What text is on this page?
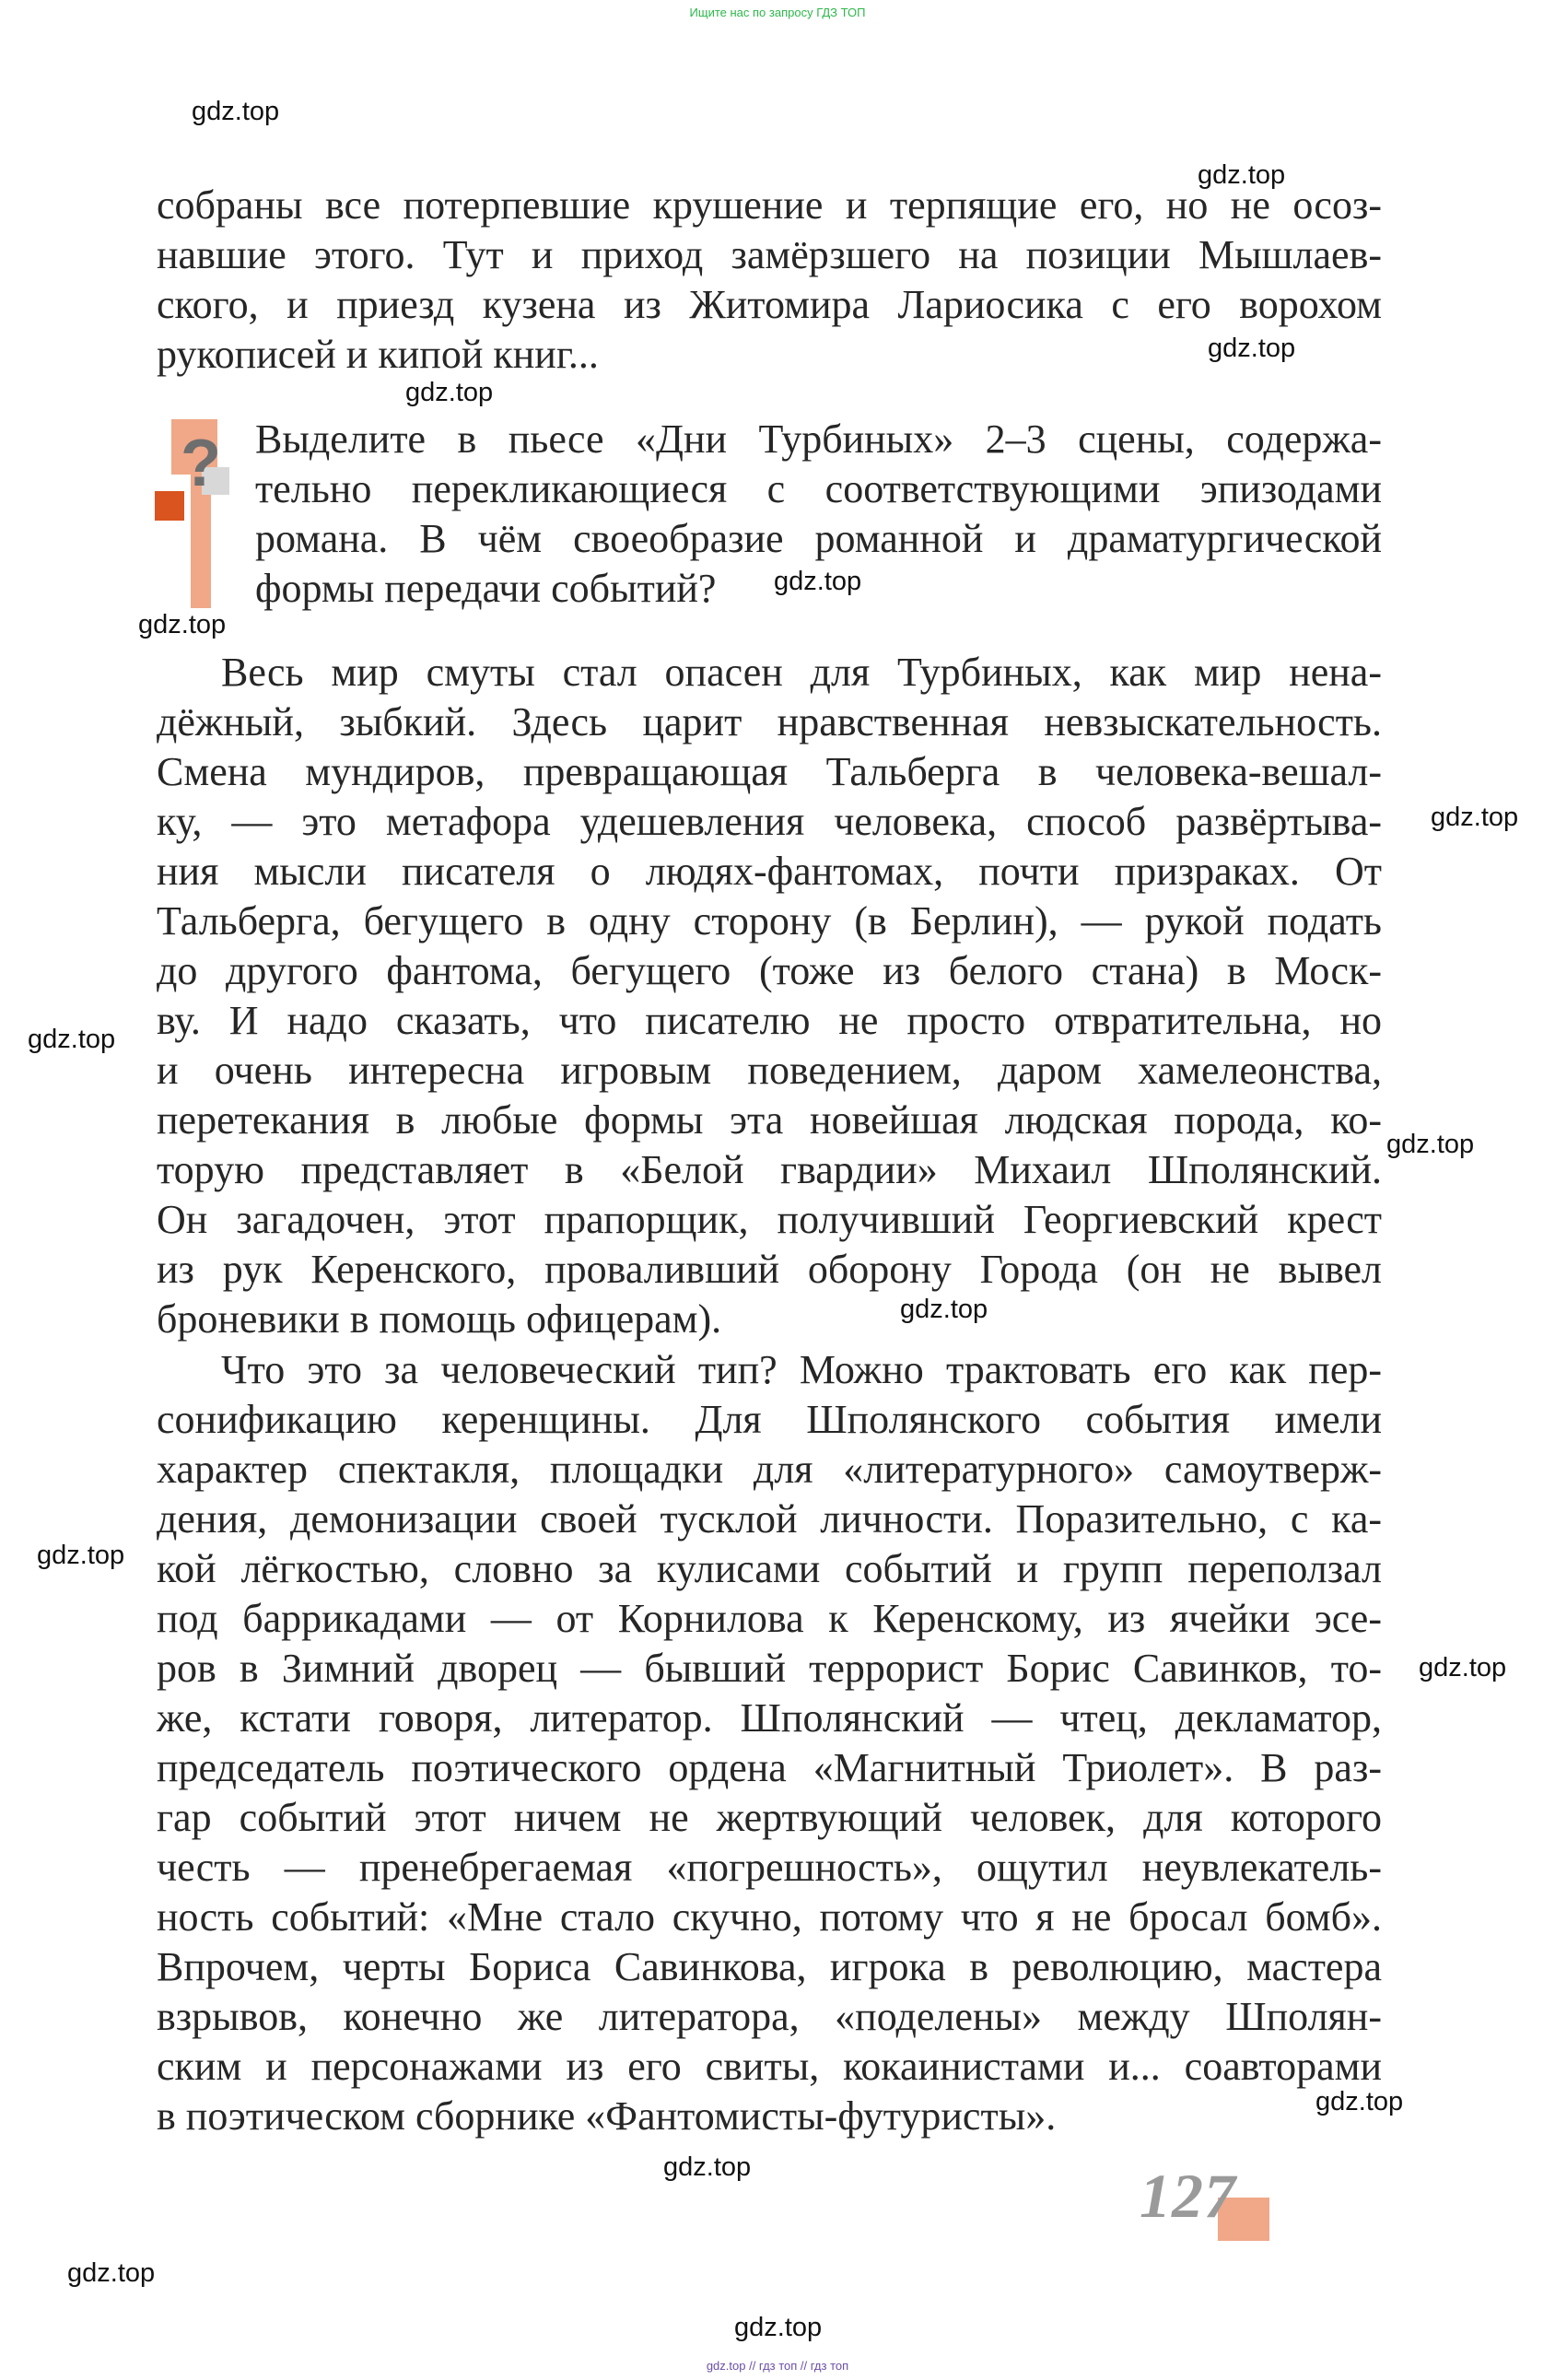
Ищите нас по запросу ГДЗ ТОП
gdz.top
gdz.top
gdz.top
gdz.top
gdz.top
gdz.top
gdz.top
gdz.top
gdz.top
gdz.top
gdz.top
gdz.top
gdz.top
gdz.top
gdz.top
gdz.top
собраны все потерпевшие крушение и терпящие его, но не осоз-
навшие этого. Тут и приход замёрзшего на позиции Мышлаев-
ского, и приезд кузена из Житомира Лариосика с его ворохом
рукописей и кипой книг...
? Выделите в пьесе «Дни Турбиных» 2–3 сцены, содержа-
тельно перекликающиеся с соответствующими эпизодами
романа. В чём своеобразие романной и драматургической
формы передачи событий?
Весь мир смуты стал опасен для Турбиных, как мир нена-
дёжный, зыбкий. Здесь царит нравственная невзыскательность.
Смена мундиров, превращающая Тальберга в человека-вешал-
ку, — это метафора удешевления человека, способ развёртыва-
ния мысли писателя о людях-фантомах, почти призраках. От
Тальберга, бегущего в одну сторону (в Берлин), — рукой подать
до другого фантома, бегущего (тоже из белого стана) в Моск-
ву. И надо сказать, что писателю не просто отвратительна, но
и очень интересна игровым поведением, даром хамелеонства,
перетекания в любые формы эта новейшая людская порода, ко-
торую представляет в «Белой гвардии» Михаил Шполянский.
Он загадочен, этот прапорщик, получивший Георгиевский крест
из рук Керенского, проваливший оборону Города (он не вывел
броневики в помощь офицерам).
Что это за человеческий тип? Можно трактовать его как пер-
сонификацию керенщины. Для Шполянского события имели
характер спектакля, площадки для «литературного» самоутверж-
дения, демонизации своей тусклой личности. Поразительно, с ка-
кой лёгкостью, словно за кулисами событий и групп переползал
под баррикадами — от Корнилова к Керенскому, из ячейки эсе-
ров в Зимний дворец — бывший террорист Борис Савинков, то-
же, кстати говоря, литератор. Шполянский — чтец, декламатор,
председатель поэтического ордена «Магнитный Триолет». В раз-
гар событий этот ничем не жертвующий человек, для которого
честь — пренебрегаемая «погрешность», ощутил неувлекатель-
ность событий: «Мне стало скучно, потому что я не бросал бомб».
Впрочем, черты Бориса Савинкова, игрока в революцию, мастера
взрывов, конечно же литератора, «поделены» между Шполян-
ским и персонажами из его свиты, кокаинистами и... соавторами
в поэтическом сборнике «Фантомисты-футуристы».
127
gdz.top // гдз топ // гдз топ
